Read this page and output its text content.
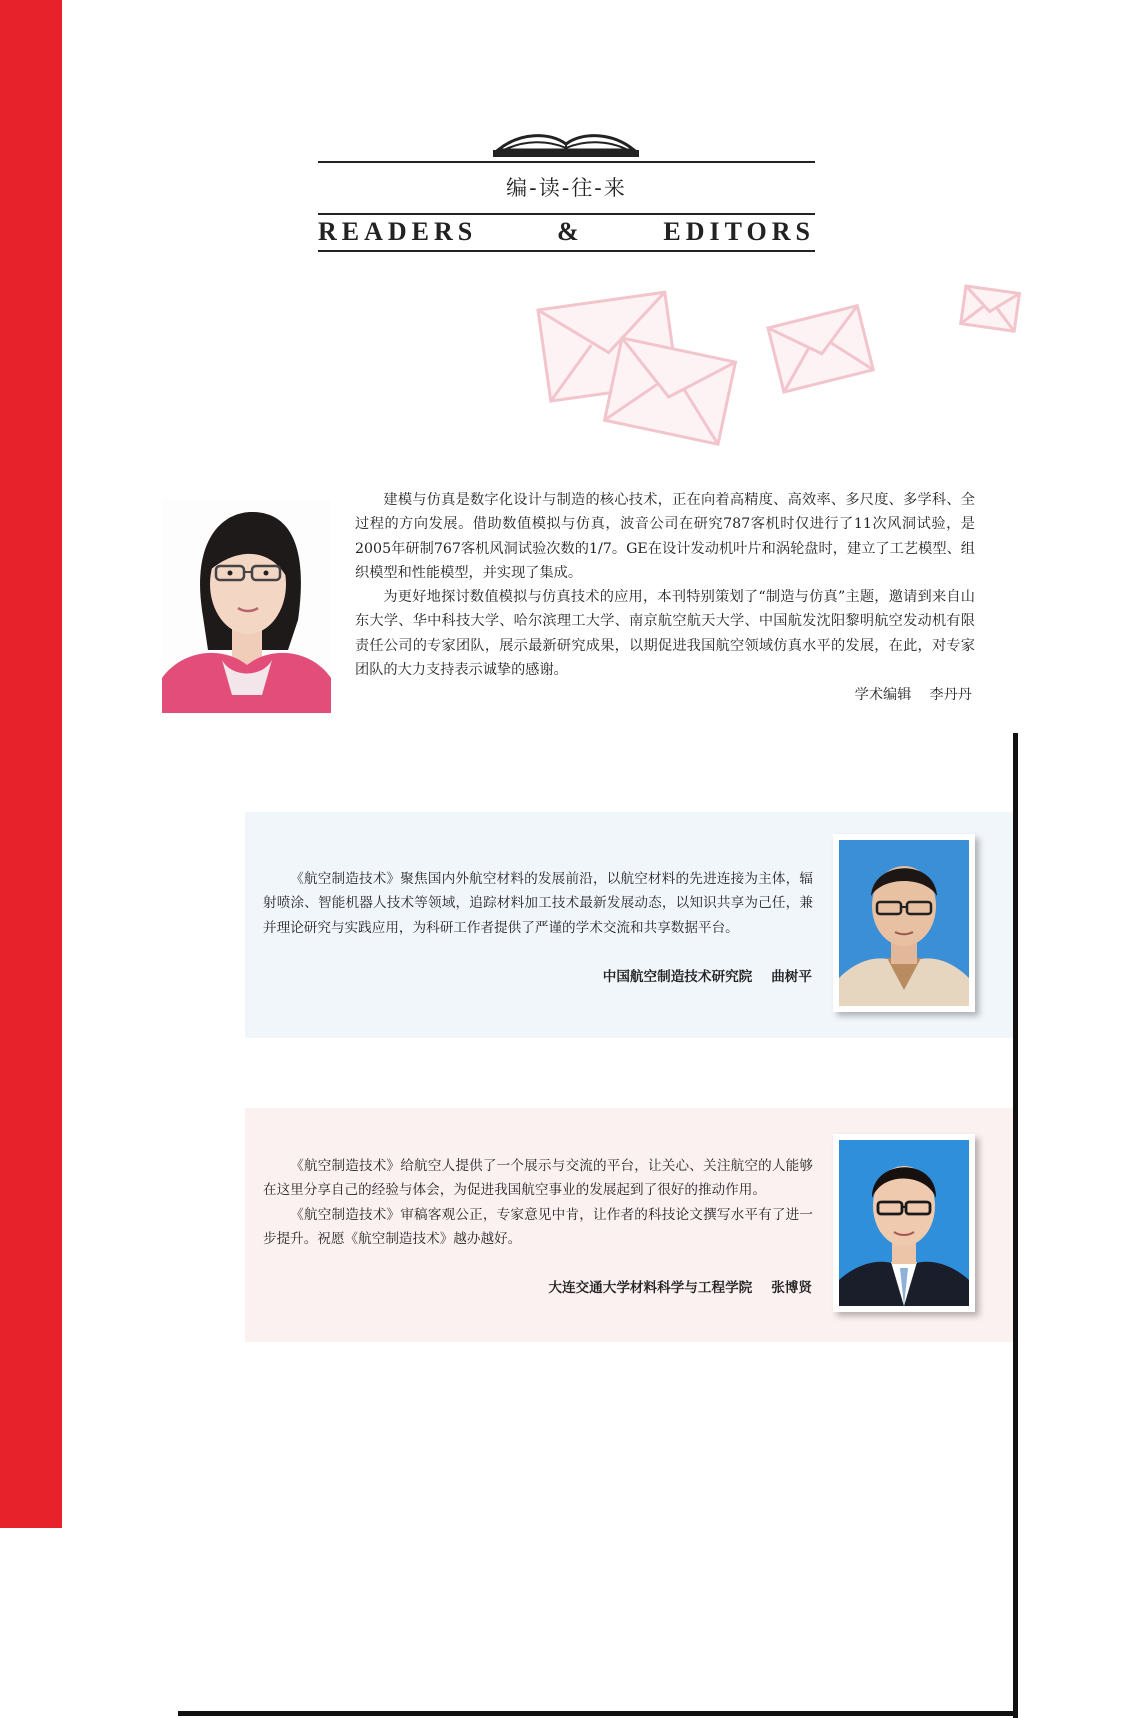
编-读-往-来
READERS	&	EDITORS

建模与仿真是数字化设计与制造的核心技术，正在向着高精度、高效率、多尺度、多学科、全过程的方向发展。借助数值模拟与仿真，波音公司在研究787客机时仅进行了11次风洞试验，是2005年研制767客机风洞试验次数的1/7。GE在设计发动机叶片和涡轮盘时，建立了工艺模型、组织模型和性能模型，并实现了集成。

为更好地探讨数值模拟与仿真技术的应用，本刊特别策划了“制造与仿真”主题，邀请到来自山东大学、华中科技大学、哈尔滨理工大学、南京航空航天大学、中国航发沈阳黎明航空发动机有限责任公司的专家团队，展示最新研究成果，以期促进我国航空领域仿真水平的发展，在此，对专家团队的大力支持表示诚挚的感谢。

学术编辑    李丹丹

《航空制造技术》聚焦国内外航空材料的发展前沿，以航空材料的先进连接为主体，辐射喷涂、智能机器人技术等领域，追踪材料加工技术最新发展动态，以知识共享为己任，兼并理论研究与实践应用，为科研工作者提供了严谨的学术交流和共享数据平台。

中国航空制造技术研究院    曲树平

《航空制造技术》给航空人提供了一个展示与交流的平台，让关心、关注航空的人能够在这里分享自己的经验与体会，为促进我国航空事业的发展起到了很好的推动作用。

《航空制造技术》审稿客观公正，专家意见中肯，让作者的科技论文撰写水平有了进一步提升。祝愿《航空制造技术》越办越好。

大连交通大学材料科学与工程学院    张博贤
